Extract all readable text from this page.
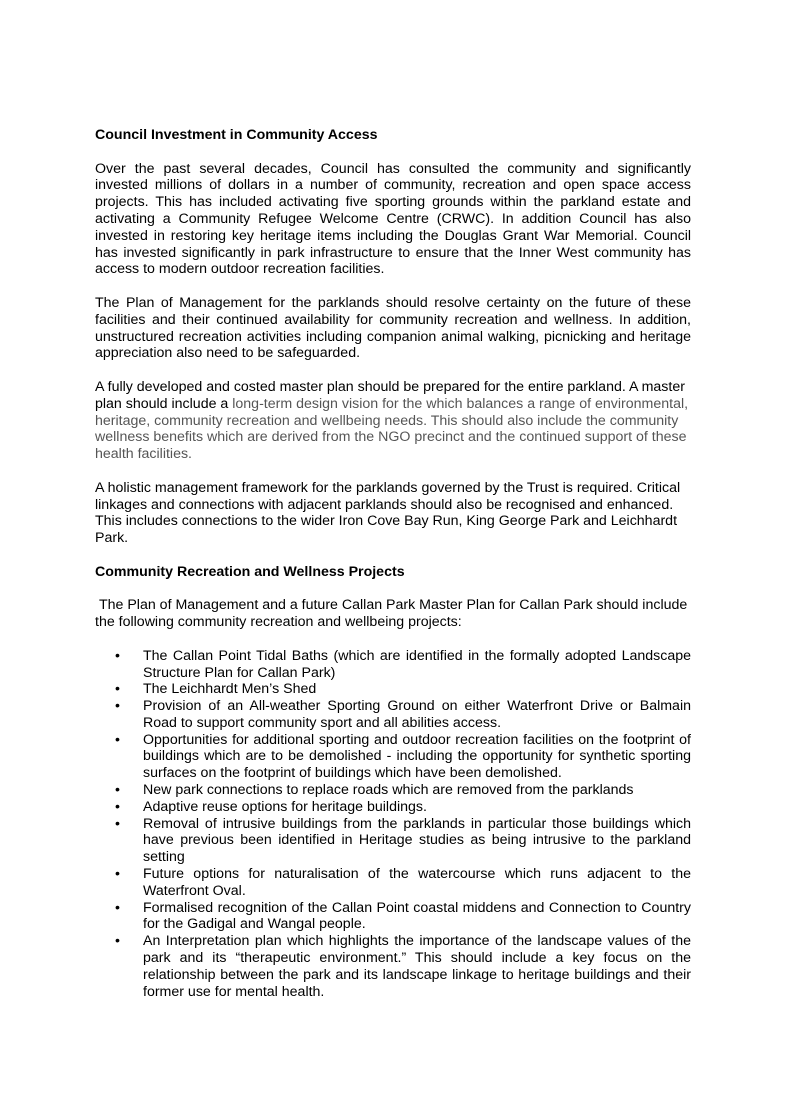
Council Investment in Community Access

Over the past several decades, Council has consulted the community and significantly invested millions of dollars in a number of community, recreation and open space access projects. This has included activating five sporting grounds within the parkland estate and activating a Community Refugee Welcome Centre (CRWC). In addition Council has also invested in restoring key heritage items including the Douglas Grant War Memorial. Council has invested significantly in park infrastructure to ensure that the Inner West community has access to modern outdoor recreation facilities.

The Plan of Management for the parklands should resolve certainty on the future of these facilities and their continued availability for community recreation and wellness. In addition, unstructured recreation activities including companion animal walking, picnicking and heritage appreciation also need to be safeguarded.

A fully developed and costed master plan should be prepared for the entire parkland. A master plan should include a long-term design vision for the which balances a range of environmental, heritage, community recreation and wellbeing needs. This should also include the community wellness benefits which are derived from the NGO precinct and the continued support of these health facilities.

A holistic management framework for the parklands governed by the Trust is required. Critical linkages and connections with adjacent parklands should also be recognised and enhanced. This includes connections to the wider Iron Cove Bay Run, King George Park and Leichhardt Park.

Community Recreation and Wellness Projects

The Plan of Management and a future Callan Park Master Plan for Callan Park should include the following community recreation and wellbeing projects:

• The Callan Point Tidal Baths (which are identified in the formally adopted Landscape Structure Plan for Callan Park)
• The Leichhardt Men’s Shed
• Provision of an All-weather Sporting Ground on either Waterfront Drive or Balmain Road to support community sport and all abilities access.
• Opportunities for additional sporting and outdoor recreation facilities on the footprint of buildings which are to be demolished - including the opportunity for synthetic sporting surfaces on the footprint of buildings which have been demolished.
• New park connections to replace roads which are removed from the parklands
• Adaptive reuse options for heritage buildings.
• Removal of intrusive buildings from the parklands in particular those buildings which have previous been identified in Heritage studies as being intrusive to the parkland setting
• Future options for naturalisation of the watercourse which runs adjacent to the Waterfront Oval.
• Formalised recognition of the Callan Point coastal middens and Connection to Country for the Gadigal and Wangal people.
• An Interpretation plan which highlights the importance of the landscape values of the park and its “therapeutic environment.” This should include a key focus on the relationship between the park and its landscape linkage to heritage buildings and their former use for mental health.
